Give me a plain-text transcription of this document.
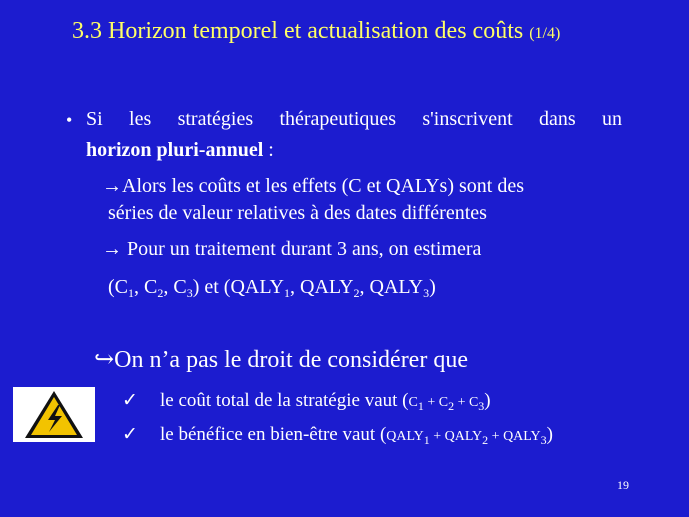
3.3 Horizon temporel et actualisation des coûts (1/4)
• Si les stratégies thérapeutiques s'inscrivent dans un
horizon pluri-annuel :
→Alors les coûts et les effets (C et QALYs) sont des
séries de valeur relatives à des dates différentes
→ Pour un traitement durant 3 ans, on estimera
($C_1$, $C_2$, $C_3$) et ($QALY_1$, $QALY_2$, $QALY_3$)
↪On n’a pas le droit de considérer que
✓ le coût total de la stratégie vaut $(C_1 + C_2 + C_3)$
✓ le bénéfice en bien-être vaut ($QALY_1$ + $QALY_2$ + $QALY_3$)
19
